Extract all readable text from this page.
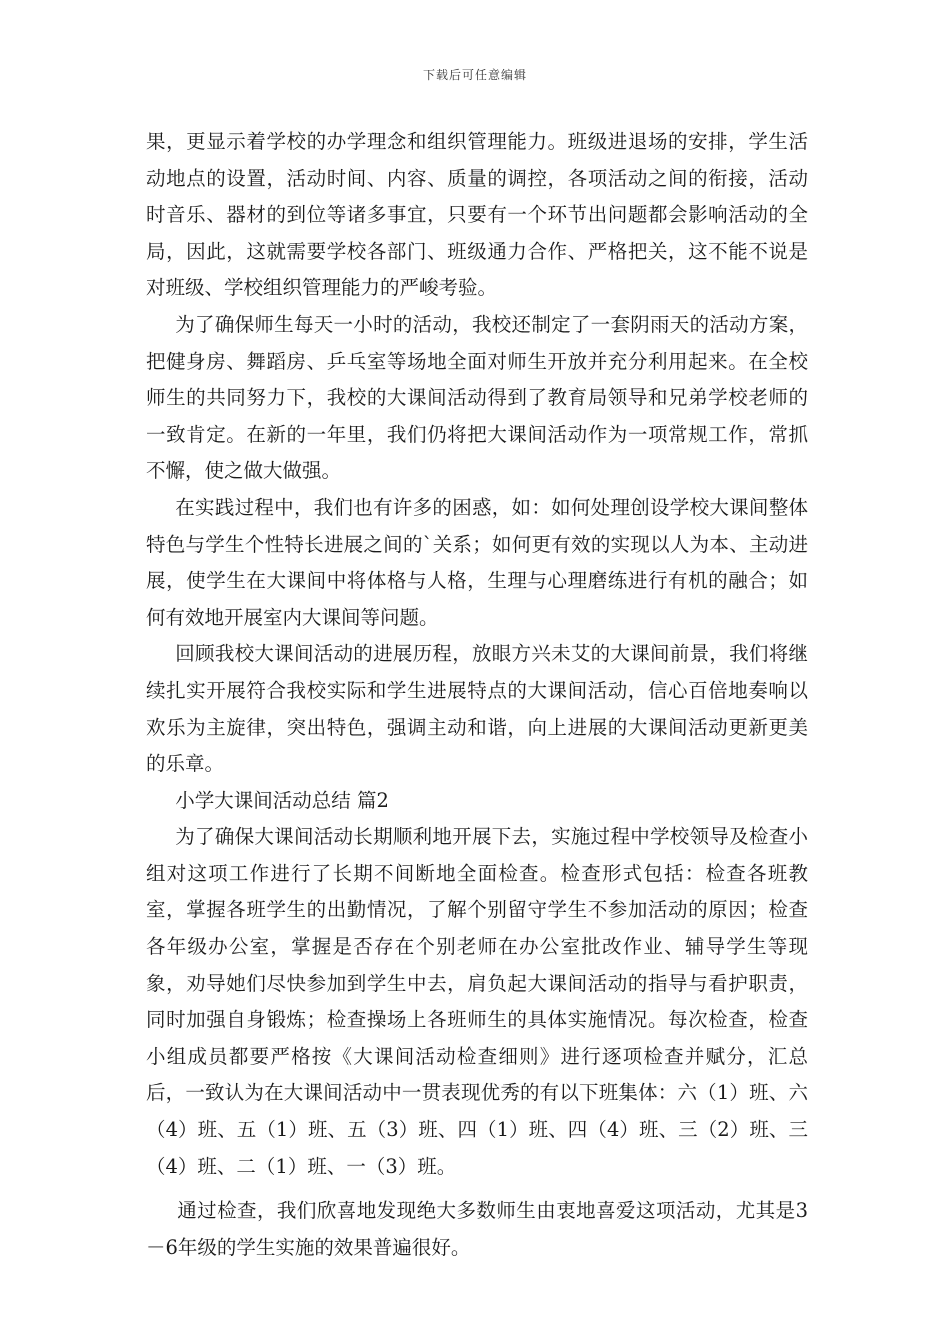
下载后可任意编辑

果，更显示着学校的办学理念和组织管理能力。班级进退场的安排，学生活动地点的设置，活动时间、内容、质量的调控，各项活动之间的衔接，活动时音乐、器材的到位等诸多事宜，只要有一个环节出问题都会影响活动的全局，因此，这就需要学校各部门、班级通力合作、严格把关，这不能不说是对班级、学校组织管理能力的严峻考验。

为了确保师生每天一小时的活动，我校还制定了一套阴雨天的活动方案，把健身房、舞蹈房、乒乓室等场地全面对师生开放并充分利用起来。在全校师生的共同努力下，我校的大课间活动得到了教育局领导和兄弟学校老师的一致肯定。在新的一年里，我们仍将把大课间活动作为一项常规工作，常抓不懈，使之做大做强。

在实践过程中，我们也有许多的困惑，如：如何处理创设学校大课间整体特色与学生个性特长进展之间的`关系；如何更有效的实现以人为本、主动进展，使学生在大课间中将体格与人格，生理与心理磨练进行有机的融合；如何有效地开展室内大课间等问题。

回顾我校大课间活动的进展历程，放眼方兴未艾的大课间前景，我们将继续扎实开展符合我校实际和学生进展特点的大课间活动，信心百倍地奏响以欢乐为主旋律，突出特色，强调主动和谐，向上进展的大课间活动更新更美的乐章。

小学大课间活动总结 篇2

为了确保大课间活动长期顺利地开展下去，实施过程中学校领导及检查小组对这项工作进行了长期不间断地全面检查。检查形式包括：检查各班教室，掌握各班学生的出勤情况，了解个别留守学生不参加活动的原因；检查各年级办公室，掌握是否存在个别老师在办公室批改作业、辅导学生等现象，劝导她们尽快参加到学生中去，肩负起大课间活动的指导与看护职责，同时加强自身锻炼；检查操场上各班师生的具体实施情况。每次检查，检查小组成员都要严格按《大课间活动检查细则》进行逐项检查并赋分，汇总后，一致认为在大课间活动中一贯表现优秀的有以下班集体：六（1）班、六（4）班、五（1）班、五（3）班、四（1）班、四（4）班、三（2）班、三（4）班、二（1）班、一（3）班。

通过检查，我们欣喜地发现绝大多数师生由衷地喜爱这项活动，尤其是3－6年级的学生实施的效果普遍很好。
